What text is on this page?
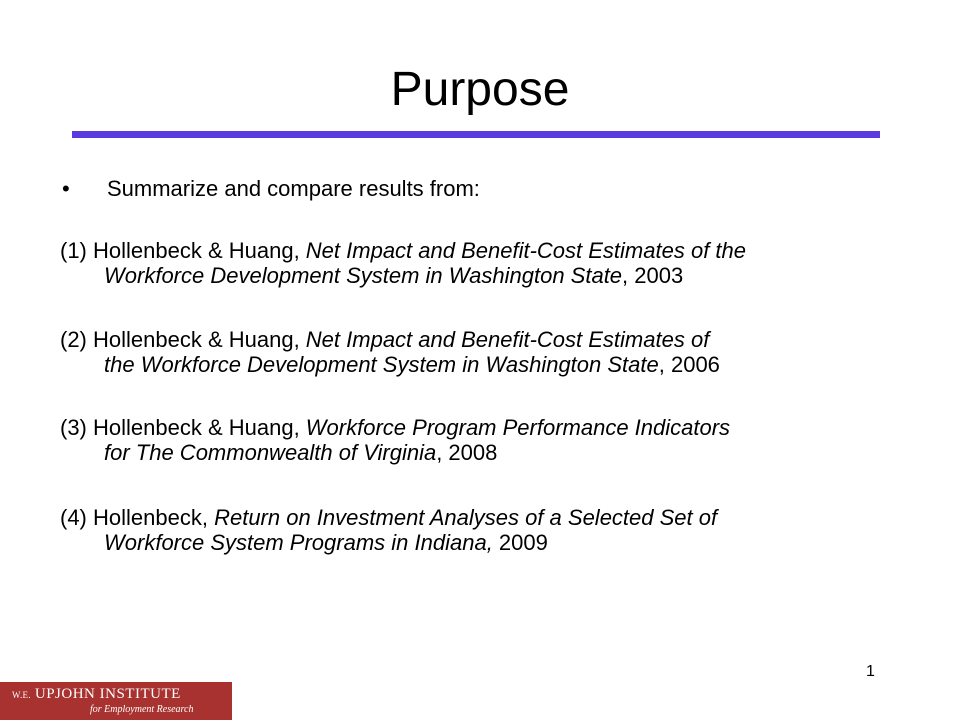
Purpose
• Summarize and compare results from:
(1) Hollenbeck & Huang, Net Impact and Benefit-Cost Estimates of the
Workforce Development System in Washington State, 2003
(2) Hollenbeck & Huang, Net Impact and Benefit-Cost Estimates of
the Workforce Development System in Washington State, 2006
(3) Hollenbeck & Huang, Workforce Program Performance Indicators
for The Commonwealth of Virginia, 2008
(4) Hollenbeck, Return on Investment Analyses of a Selected Set of
Workforce System Programs in Indiana, 2009
1
W.E. UPJOHN INSTITUTE
for Employment Research
